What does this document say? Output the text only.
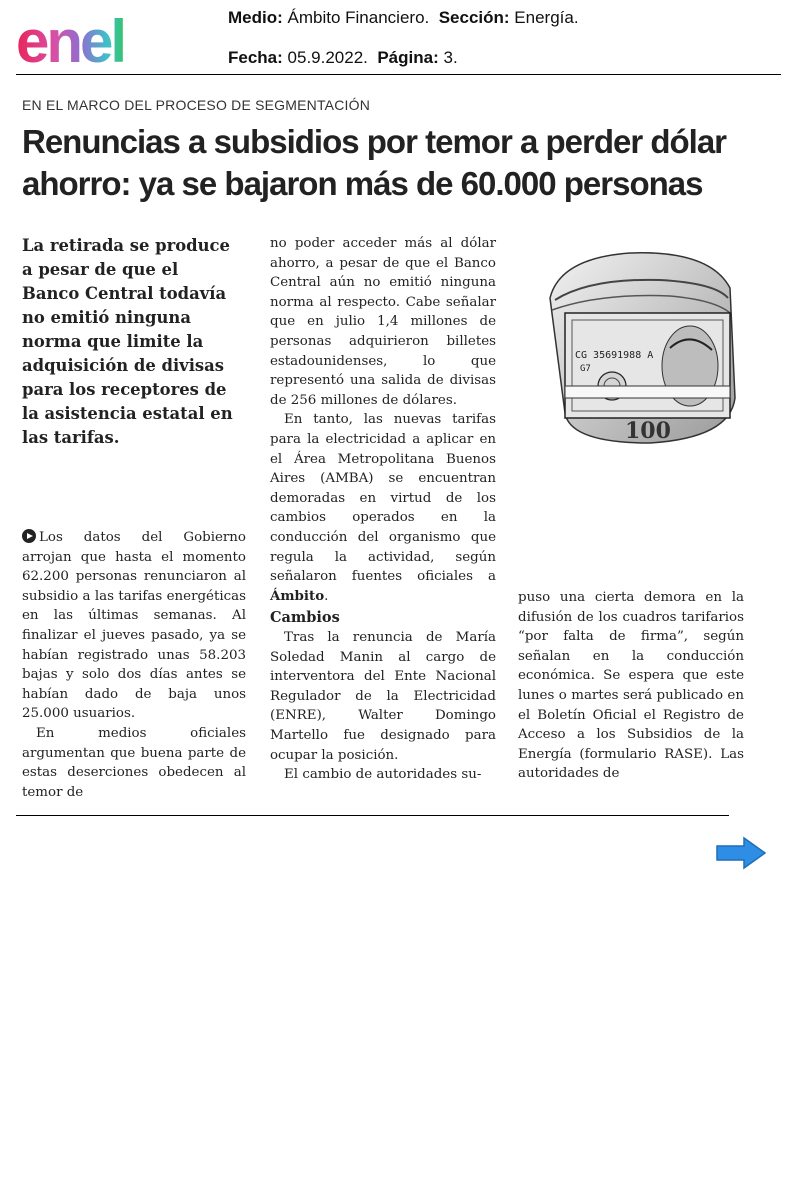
enel	Medio: Ámbito Financiero. Sección: Energía.
Fecha: 05.9.2022. Página: 3.
EN EL MARCO DEL PROCESO DE SEGMENTACIÓN
Renuncias a subsidios por temor a perder dólar ahorro: ya se bajaron más de 60.000 personas
La retirada se produce a pesar de que el Banco Central todavía no emitió ninguna norma que limite la adquisición de divisas para los receptores de la asistencia estatal en las tarifas.

Los datos del Gobierno arrojan que hasta el momento 62.200 personas renunciaron al subsidio a las tarifas energéticas en las últimas semanas. Al finalizar el jueves pasado, ya se habían registrado unas 58.203 bajas y solo dos días antes se habían dado de baja unos 25.000 usuarios.

En medios oficiales argumentan que buena parte de estas deserciones obedecen al temor de

no poder acceder más al dólar ahorro, a pesar de que el Banco Central aún no emitió ninguna norma al respecto. Cabe señalar que en julio 1,4 millones de personas adquirieron billetes estadounidenses, lo que representó una salida de divisas de 256 millones de dólares.

En tanto, las nuevas tarifas para la electricidad a aplicar en el Área Metropolitana Buenos Aires (AMBA) se encuentran demoradas en virtud de los cambios operados en la conducción del organismo que regula la actividad, según señalaron fuentes oficiales a Ámbito.

Cambios

Tras la renuncia de María Soledad Manin al cargo de interventora del Ente Nacional Regulador de la Electricidad (ENRE), Walter Domingo Martello fue designado para ocupar la posición.

El cambio de autoridades su-

puso una cierta demora en la difusión de los cuadros tarifarios “por falta de firma”, según señalan en la conducción económica. Se espera que este lunes o martes será publicado en el Boletín Oficial el Registro de Acceso a los Subsidios de la Energía (formulario RASE). Las autoridades de

CG 35691988 A
G7
100
